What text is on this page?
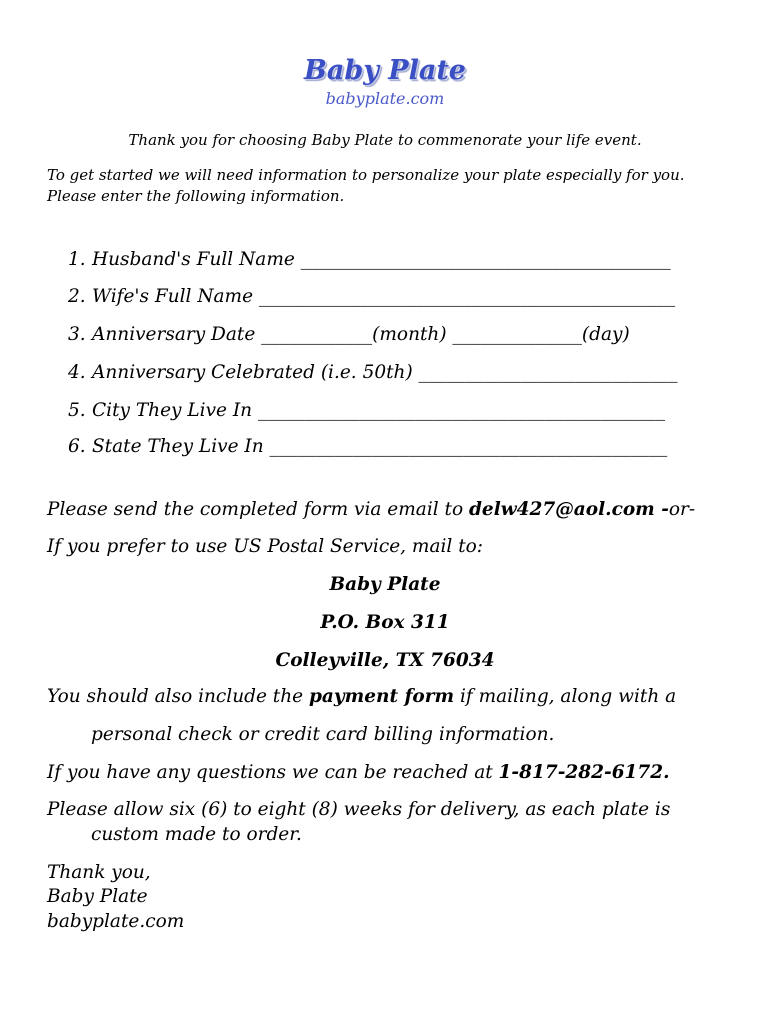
Baby Plate
babyplate.com
Thank you for choosing Baby Plate to commenorate your life event.
To get started we will need information to personalize your plate especially for you.
Please enter the following information.
1. Husband's Full Name ________________________________________
2. Wife's Full Name _____________________________________________
3. Anniversary Date ____________(month) ______________(day)
4. Anniversary Celebrated (i.e. 50th) ____________________________
5. City They Live In ____________________________________________
6. State They Live In ___________________________________________
Please send the completed form via email to delw427@aol.com -or-
If you prefer to use US Postal Service, mail to:
Baby Plate
P.O. Box 311
Colleyville, TX 76034
You should also include the payment form if mailing, along with a
personal check or credit card billing information.
If you have any questions we can be reached at 1-817-282-6172.
Please allow six (6) to eight (8) weeks for delivery, as each plate is
custom made to order.
Thank you,
Baby Plate
babyplate.com
